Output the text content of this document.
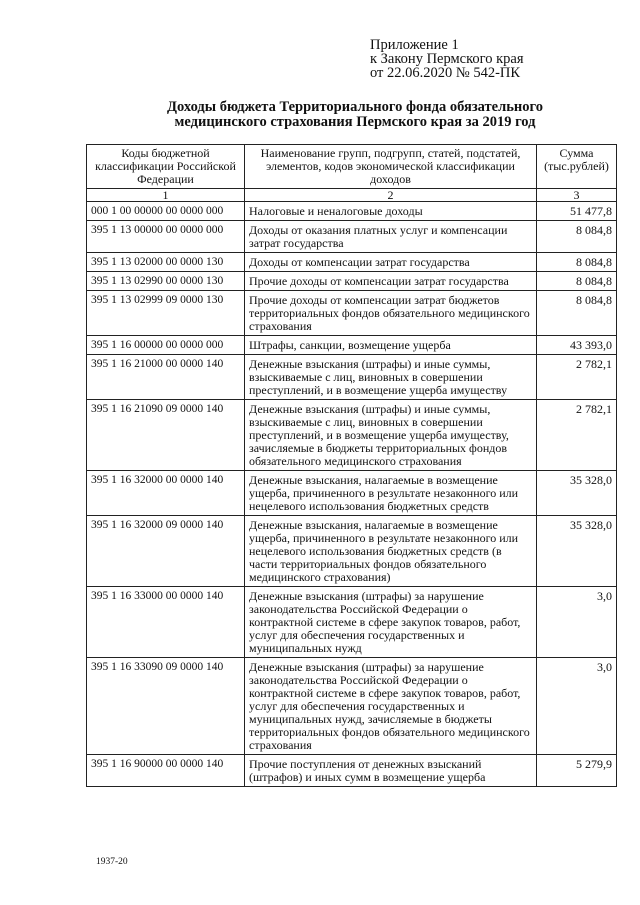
Приложение 1
к Закону Пермского края
от 22.06.2020 № 542-ПК
Доходы бюджета Территориального фонда обязательного
медицинского страхования Пермского края за 2019 год
Коды бюджетной классификации Российской Федерации	Наименование групп, подгрупп, статей, подстатей, элементов, кодов экономической классификации доходов	Сумма (тыс.рублей)
1	2	3
000 1 00 00000 00 0000 000	Налоговые и неналоговые доходы	51 477,8
395 1 13 00000 00 0000 000	Доходы от оказания платных услуг и компенсации затрат государства	8 084,8
395 1 13 02000 00 0000 130	Доходы от компенсации затрат государства	8 084,8
395 1 13 02990 00 0000 130	Прочие доходы от компенсации затрат государства	8 084,8
395 1 13 02999 09 0000 130	Прочие доходы от компенсации затрат бюджетов территориальных фондов обязательного медицинского страхования	8 084,8
395 1 16 00000 00 0000 000	Штрафы, санкции, возмещение ущерба	43 393,0
395 1 16 21000 00 0000 140	Денежные взыскания (штрафы) и иные суммы, взыскиваемые с лиц, виновных в совершении преступлений, и в возмещение ущерба имуществу	2 782,1
395 1 16 21090 09 0000 140	Денежные взыскания (штрафы) и иные суммы, взыскиваемые с лиц, виновных в совершении преступлений, и в возмещение ущерба имуществу, зачисляемые в бюджеты территориальных фондов обязательного медицинского страхования	2 782,1
395 1 16 32000 00 0000 140	Денежные взыскания, налагаемые в возмещение ущерба, причиненного в результате незаконного или нецелевого использования бюджетных средств	35 328,0
395 1 16 32000 09 0000 140	Денежные взыскания, налагаемые в возмещение ущерба, причиненного в результате незаконного или нецелевого использования бюджетных средств (в части территориальных фондов обязательного медицинского страхования)	35 328,0
395 1 16 33000 00 0000 140	Денежные взыскания (штрафы) за нарушение законодательства Российской Федерации о контрактной системе в сфере закупок товаров, работ, услуг для обеспечения государственных и муниципальных нужд	3,0
395 1 16 33090 09 0000 140	Денежные взыскания (штрафы) за нарушение законодательства Российской Федерации о контрактной системе в сфере закупок товаров, работ, услуг для обеспечения государственных и муниципальных нужд, зачисляемые в бюджеты территориальных фондов обязательного медицинского страхования	3,0
395 1 16 90000 00 0000 140	Прочие поступления от денежных взысканий (штрафов) и иных сумм в возмещение ущерба	5 279,9
1937-20
